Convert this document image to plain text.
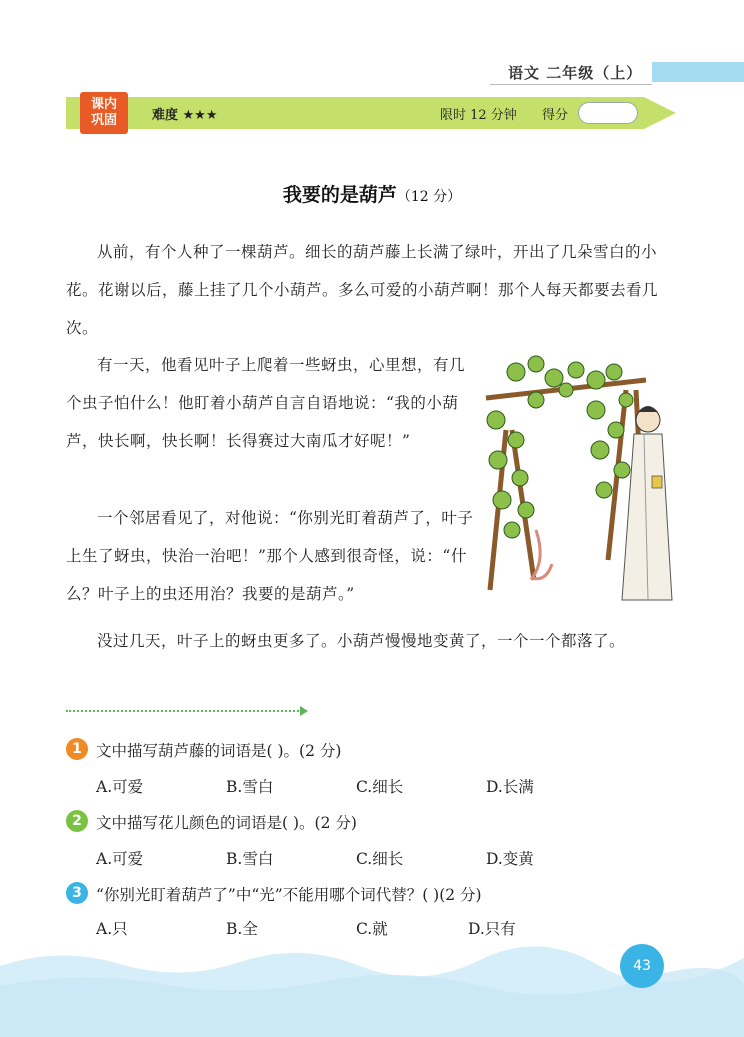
语文 二年级（上）
课内
巩固	难度 ★★★	限时 12 分钟 得分
我要的是葫芦（12 分）
从前，有个人种了一棵葫芦。细长的葫芦藤上长满了绿叶，开出了几朵雪白的小花。花谢以后，藤上挂了几个小葫芦。多么可爱的小葫芦啊！那个人每天都要去看几次。
有一天，他看见叶子上爬着一些蚜虫，心里想，有几个虫子怕什么！他盯着小葫芦自言自语地说：“我的小葫芦，快长啊，快长啊！长得赛过大南瓜才好呢！”
一个邻居看见了，对他说：“你别光盯着葫芦了，叶子上生了蚜虫，快治一治吧！”那个人感到很奇怪，说：“什么？叶子上的虫还用治？我要的是葫芦。”
没过几天，叶子上的蚜虫更多了。小葫芦慢慢地变黄了，一个一个都落了。
1 文中描写葫芦藤的词语是( )。(2 分)
A.可爱	B.雪白	C.细长	D.长满
2 文中描写花儿颜色的词语是( )。(2 分)
A.可爱	B.雪白	C.细长	D.变黄
3 “你别光盯着葫芦了”中“光”不能用哪个词代替？( )(2 分)
A.只	B.全	C.就	D.只有
43
